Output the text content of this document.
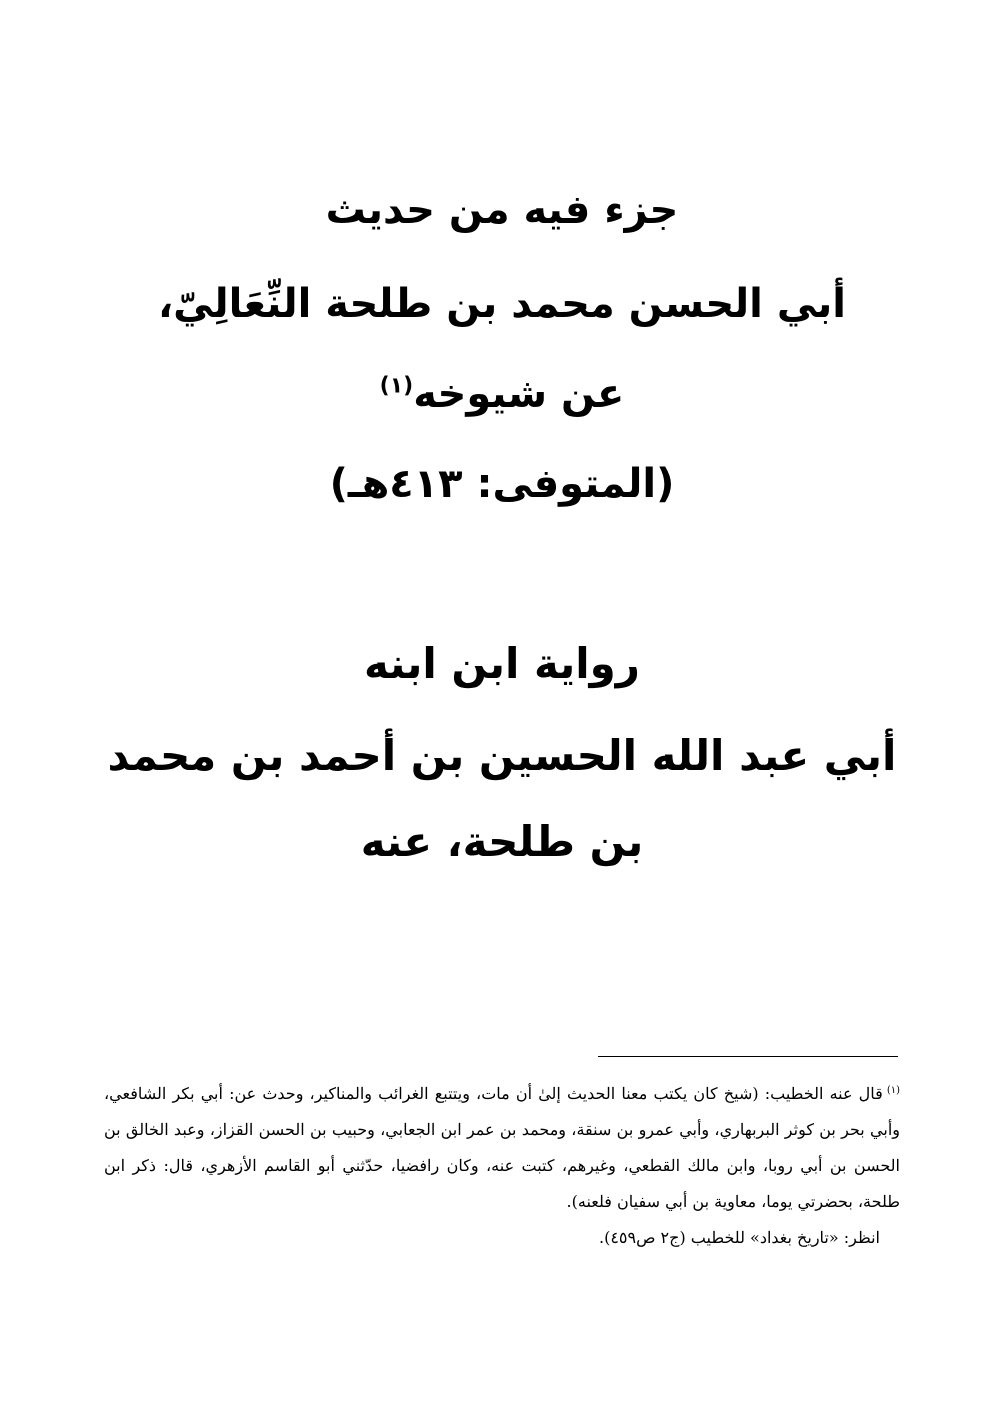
جزء فيه من حديث
أبي الحسن محمد بن طلحة النِّعَالِيّ،
عن شيوخه$^{(١)}$
(المتوفى: ٤١٣هـ)
رواية ابن ابنه
أبي عبد الله الحسين بن أحمد بن محمد
بن طلحة، عنه

$^{(١)}$قال عنه الخطيب: (شيخ كان يكتب معنا الحديث إلىٰ أن مات، ويتتبع الغرائب والمناكير، وحدث عن: أبي بكر الشافعي، وأبي بحر بن كوثر البربهاري، وأبي عمرو بن سنقة، ومحمد بن عمر ابن الجعابي، وحبيب بن الحسن القزاز، وعبد الخالق بن الحسن بن أبي روبا، وابن مالك القطعي، وغيرهم، كتبت عنه، وكان رافضيا، حدّثني أبو القاسم الأزهري، قال: ذكر ابن طلحة، بحضرتي يوما، معاوية بن أبي سفيان فلعنه).

انظر: «تاريخ بغداد» للخطيب (ج٢ ص٤٥٩).
